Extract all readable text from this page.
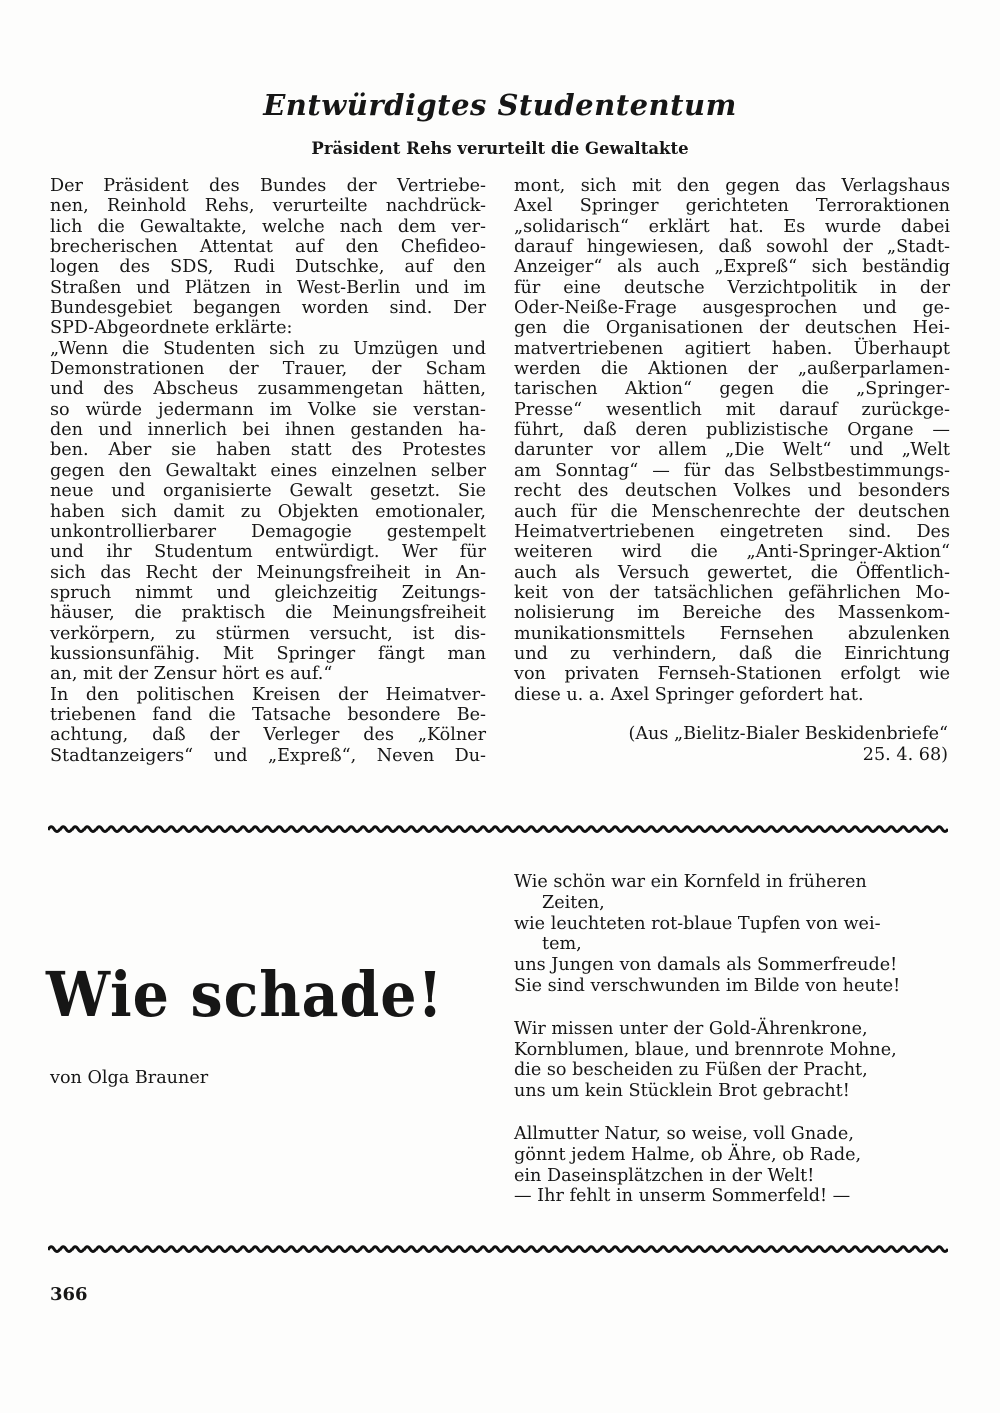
Entwürdigtes Studententum
Präsident Rehs verurteilt die Gewaltakte
Der Präsident des Bundes der Vertriebe-
nen, Reinhold Rehs, verurteilte nachdrück-
lich die Gewaltakte, welche nach dem ver-
brecherischen Attentat auf den Chefideo-
logen des SDS, Rudi Dutschke, auf den
Straßen und Plätzen in West-Berlin und im
Bundesgebiet begangen worden sind. Der
SPD-Abgeordnete erklärte:
„Wenn die Studenten sich zu Umzügen und
Demonstrationen der Trauer, der Scham
und des Abscheus zusammengetan hätten,
so würde jedermann im Volke sie verstan-
den und innerlich bei ihnen gestanden ha-
ben. Aber sie haben statt des Protestes
gegen den Gewaltakt eines einzelnen selber
neue und organisierte Gewalt gesetzt. Sie
haben sich damit zu Objekten emotionaler,
unkontrollierbarer Demagogie gestempelt
und ihr Studentum entwürdigt. Wer für
sich das Recht der Meinungsfreiheit in An-
spruch nimmt und gleichzeitig Zeitungs-
häuser, die praktisch die Meinungsfreiheit
verkörpern, zu stürmen versucht, ist dis-
kussionsunfähig. Mit Springer fängt man
an, mit der Zensur hört es auf.“
In den politischen Kreisen der Heimatver-
triebenen fand die Tatsache besondere Be-
achtung, daß der Verleger des „Kölner
Stadtanzeigers“ und „Expreß“, Neven Du-
mont, sich mit den gegen das Verlagshaus
Axel Springer gerichteten Terroraktionen
„solidarisch“ erklärt hat. Es wurde dabei
darauf hingewiesen, daß sowohl der „Stadt-
Anzeiger“ als auch „Expreß“ sich beständig
für eine deutsche Verzichtpolitik in der
Oder-Neiße-Frage ausgesprochen und ge-
gen die Organisationen der deutschen Hei-
matvertriebenen agitiert haben. Überhaupt
werden die Aktionen der „außerparlamen-
tarischen Aktion“ gegen die „Springer-
Presse“ wesentlich mit darauf zurückge-
führt, daß deren publizistische Organe —
darunter vor allem „Die Welt“ und „Welt
am Sonntag“ — für das Selbstbestimmungs-
recht des deutschen Volkes und besonders
auch für die Menschenrechte der deutschen
Heimatvertriebenen eingetreten sind. Des
weiteren wird die „Anti-Springer-Aktion“
auch als Versuch gewertet, die Öffentlich-
keit von der tatsächlichen gefährlichen Mo-
nolisierung im Bereiche des Massenkom-
munikationsmittels Fernsehen abzulenken
und zu verhindern, daß die Einrichtung
von privaten Fernseh-Stationen erfolgt wie
diese u. a. Axel Springer gefordert hat.
(Aus „Bielitz-Bialer Beskidenbriefe“
25. 4. 68)
Wie schade!
von Olga Brauner
Wie schön war ein Kornfeld in früheren
Zeiten,
wie leuchteten rot-blaue Tupfen von wei-
tem,
uns Jungen von damals als Sommerfreude!
Sie sind verschwunden im Bilde von heute!
Wir missen unter der Gold-Ährenkrone,
Kornblumen, blaue, und brennrote Mohne,
die so bescheiden zu Füßen der Pracht,
uns um kein Stücklein Brot gebracht!
Allmutter Natur, so weise, voll Gnade,
gönnt jedem Halme, ob Ähre, ob Rade,
ein Daseinsplätzchen in der Welt!
— Ihr fehlt in unserm Sommerfeld! —
366
